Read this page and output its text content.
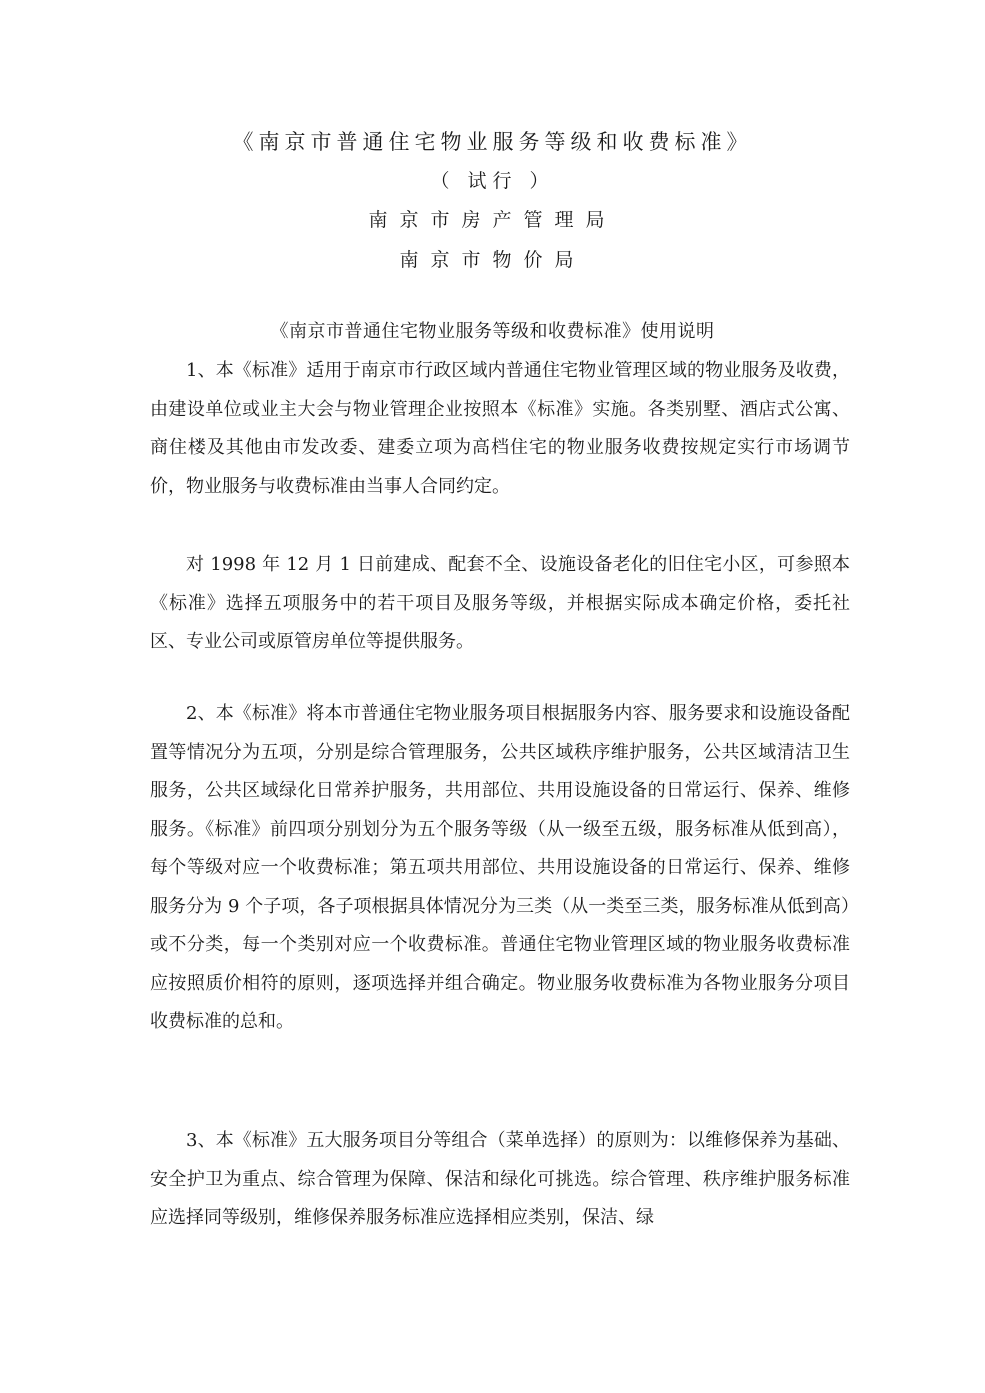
《南京市普通住宅物业服务等级和收费标准》
（ 试行 ）
南京市房产管理局
南京市物价局
《南京市普通住宅物业服务等级和收费标准》使用说明

1、本《标准》适用于南京市行政区域内普通住宅物业管理区域的物业服务及收费，由建设单位或业主大会与物业管理企业按照本《标准》实施。各类别墅、酒店式公寓、商住楼及其他由市发改委、建委立项为高档住宅的物业服务收费按规定实行市场调节价，物业服务与收费标准由当事人合同约定。

对 1998 年 12 月 1 日前建成、配套不全、设施设备老化的旧住宅小区，可参照本《标准》选择五项服务中的若干项目及服务等级，并根据实际成本确定价格，委托社区、专业公司或原管房单位等提供服务。

2、本《标准》将本市普通住宅物业服务项目根据服务内容、服务要求和设施设备配置等情况分为五项，分别是综合管理服务，公共区域秩序维护服务，公共区域清洁卫生服务，公共区域绿化日常养护服务，共用部位、共用设施设备的日常运行、保养、维修服务。《标准》前四项分别划分为五个服务等级（从一级至五级，服务标准从低到高），每个等级对应一个收费标准；第五项共用部位、共用设施设备的日常运行、保养、维修服务分为 9 个子项，各子项根据具体情况分为三类（从一类至三类，服务标准从低到高）或不分类，每一个类别对应一个收费标准。普通住宅物业管理区域的物业服务收费标准应按照质价相符的原则，逐项选择并组合确定。物业服务收费标准为各物业服务分项目收费标准的总和。

3、本《标准》五大服务项目分等组合（菜单选择）的原则为：以维修保养为基础、安全护卫为重点、综合管理为保障、保洁和绿化可挑选。综合管理、秩序维护服务标准应选择同等级别，维修保养服务标准应选择相应类别，保洁、绿
